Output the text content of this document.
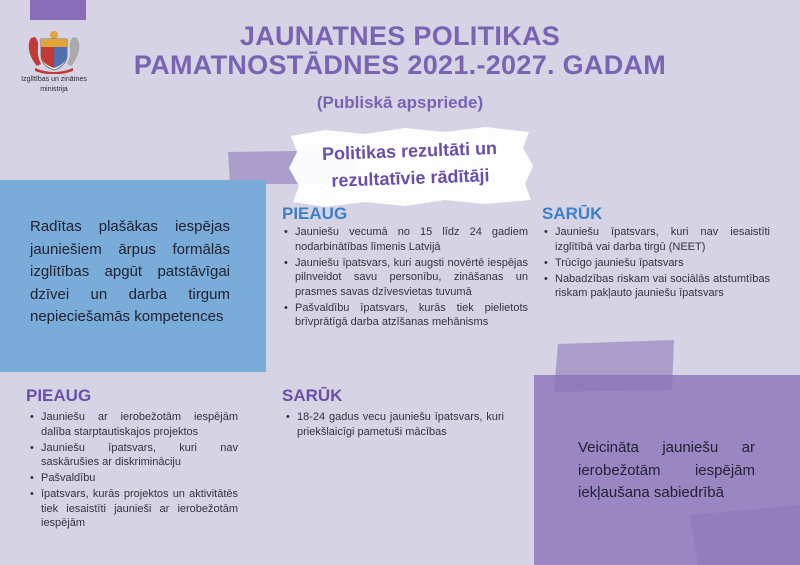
Izglītības un zinātnes
ministrija
JAUNATNES POLITIKAS
PAMATNOSTĀDNES 2021.-2027. GADAM
(Publiskā apspriede)
Politikas rezultāti un
rezultatīvie rādītāji
Radītas plašākas iespējas jauniešiem ārpus formālās izglītības apgūt patstāvīgai dzīvei un darba tirgum nepieciešamās kompetences
PIEAUG
• Jauniešu vecumā no 15 līdz 24 gadiem nodarbinātības līmenis Latvijā
• Jauniešu īpatsvars, kuri augsti novērtē iespējas pilnveidot savu personību, zināšanas un prasmes savas dzīvesvietas tuvumā
• Pašvaldību īpatsvars, kurās tiek pielietots brīvprātīgā darba atzīšanas mehānisms
SARŪK
• Jauniešu īpatsvars, kuri nav iesaistīti izglītībā vai darba tirgū (NEET)
• Trūcīgo jauniešu īpatsvars
• Nabadzības riskam vai sociālās atstumtības riskam pakļauto jauniešu īpatsvars
Veicināta jauniešu ar ierobežotām iespējām iekļaušana sabiedrībā
PIEAUG
• Jauniešu ar ierobežotām iespējām dalība starptautiskajos projektos
• Jauniešu īpatsvars, kuri nav saskārušies ar diskrimināciju
• Pašvaldību
• īpatsvars, kurās projektos un aktivitātēs tiek iesaistīti jaunieši ar ierobežotām iespējām
SARŪK
• 18-24 gadus vecu jauniešu īpatsvars, kuri priekšlaicīgi pametuši mācības
